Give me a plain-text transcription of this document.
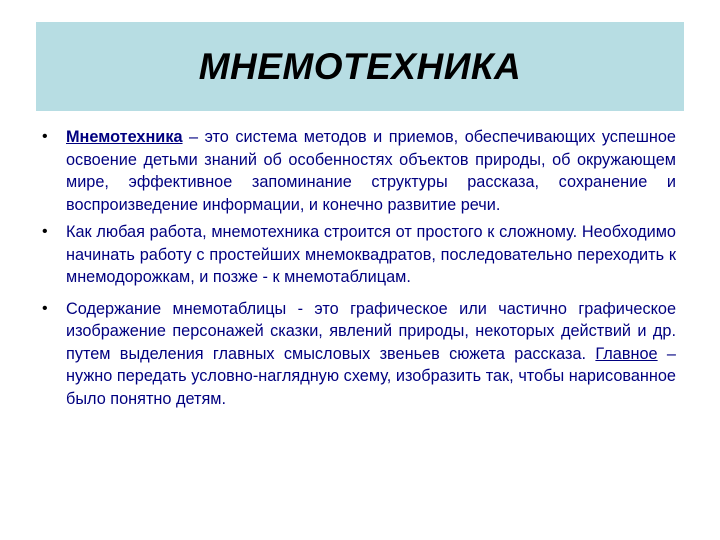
МНЕМОТЕХНИКА
• Мнемотехника – это система методов и приемов, обеспечивающих успешное освоение детьми знаний об особенностях объектов природы, об окружающем мире, эффективное запоминание структуры рассказа, сохранение и воспроизведение информации, и конечно развитие речи.
• Как любая работа, мнемотехника строится от простого к сложному. Необходимо начинать работу с простейших мнемоквадратов, последовательно переходить к мнемодорожкам, и позже - к мнемотаблицам.
• Содержание мнемотаблицы - это графическое или частично графическое изображение персонажей сказки, явлений природы, некоторых действий и др. путем выделения главных смысловых звеньев сюжета рассказа. Главное – нужно передать условно-наглядную схему, изобразить так, чтобы нарисованное было понятно детям.
